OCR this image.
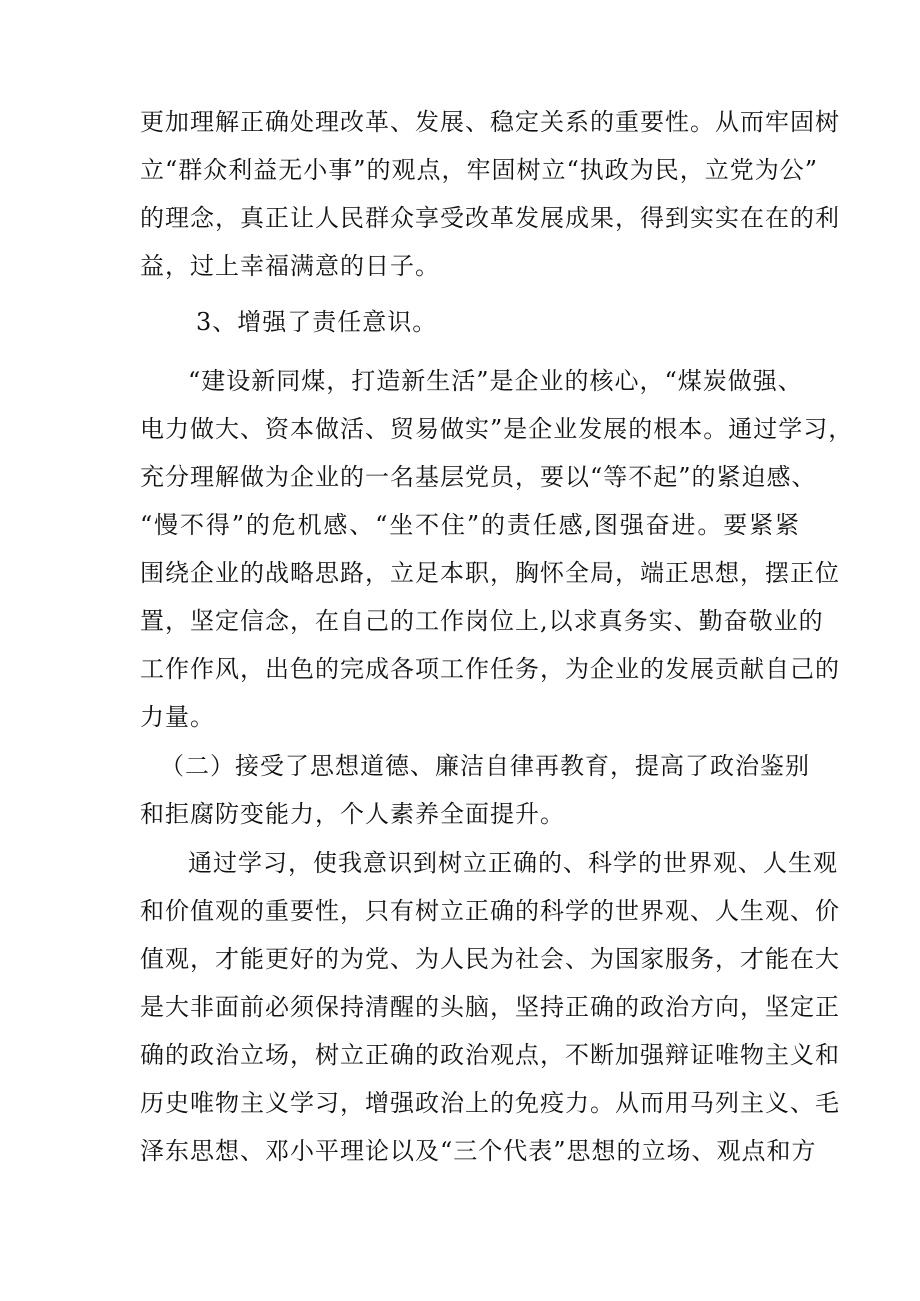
更加理解正确处理改革、发展、稳定关系的重要性。从而牢固树
立“群众利益无小事”的观点，牢固树立“执政为民，立党为公”
的理念，真正让人民群众享受改革发展成果，得到实实在在的利
益，过上幸福满意的日子。
3、增强了责任意识。
“建设新同煤，打造新生活”是企业的核心，“煤炭做强、
电力做大、资本做活、贸易做实”是企业发展的根本。通过学习，
充分理解做为企业的一名基层党员，要以“等不起”的紧迫感、
“慢不得”的危机感、“坐不住”的责任感,图强奋进。要紧紧
围绕企业的战略思路，立足本职，胸怀全局，端正思想，摆正位
置，坚定信念，在自己的工作岗位上,以求真务实、勤奋敬业的
工作作风，出色的完成各项工作任务，为企业的发展贡献自己的
力量。
（二）接受了思想道德、廉洁自律再教育，提高了政治鉴别
和拒腐防变能力，个人素养全面提升。
通过学习，使我意识到树立正确的、科学的世界观、人生观
和价值观的重要性，只有树立正确的科学的世界观、人生观、价
值观，才能更好的为党、为人民为社会、为国家服务，才能在大
是大非面前必须保持清醒的头脑，坚持正确的政治方向，坚定正
确的政治立场，树立正确的政治观点，不断加强辩证唯物主义和
历史唯物主义学习，增强政治上的免疫力。从而用马列主义、毛
泽东思想、邓小平理论以及“三个代表”思想的立场、观点和方
